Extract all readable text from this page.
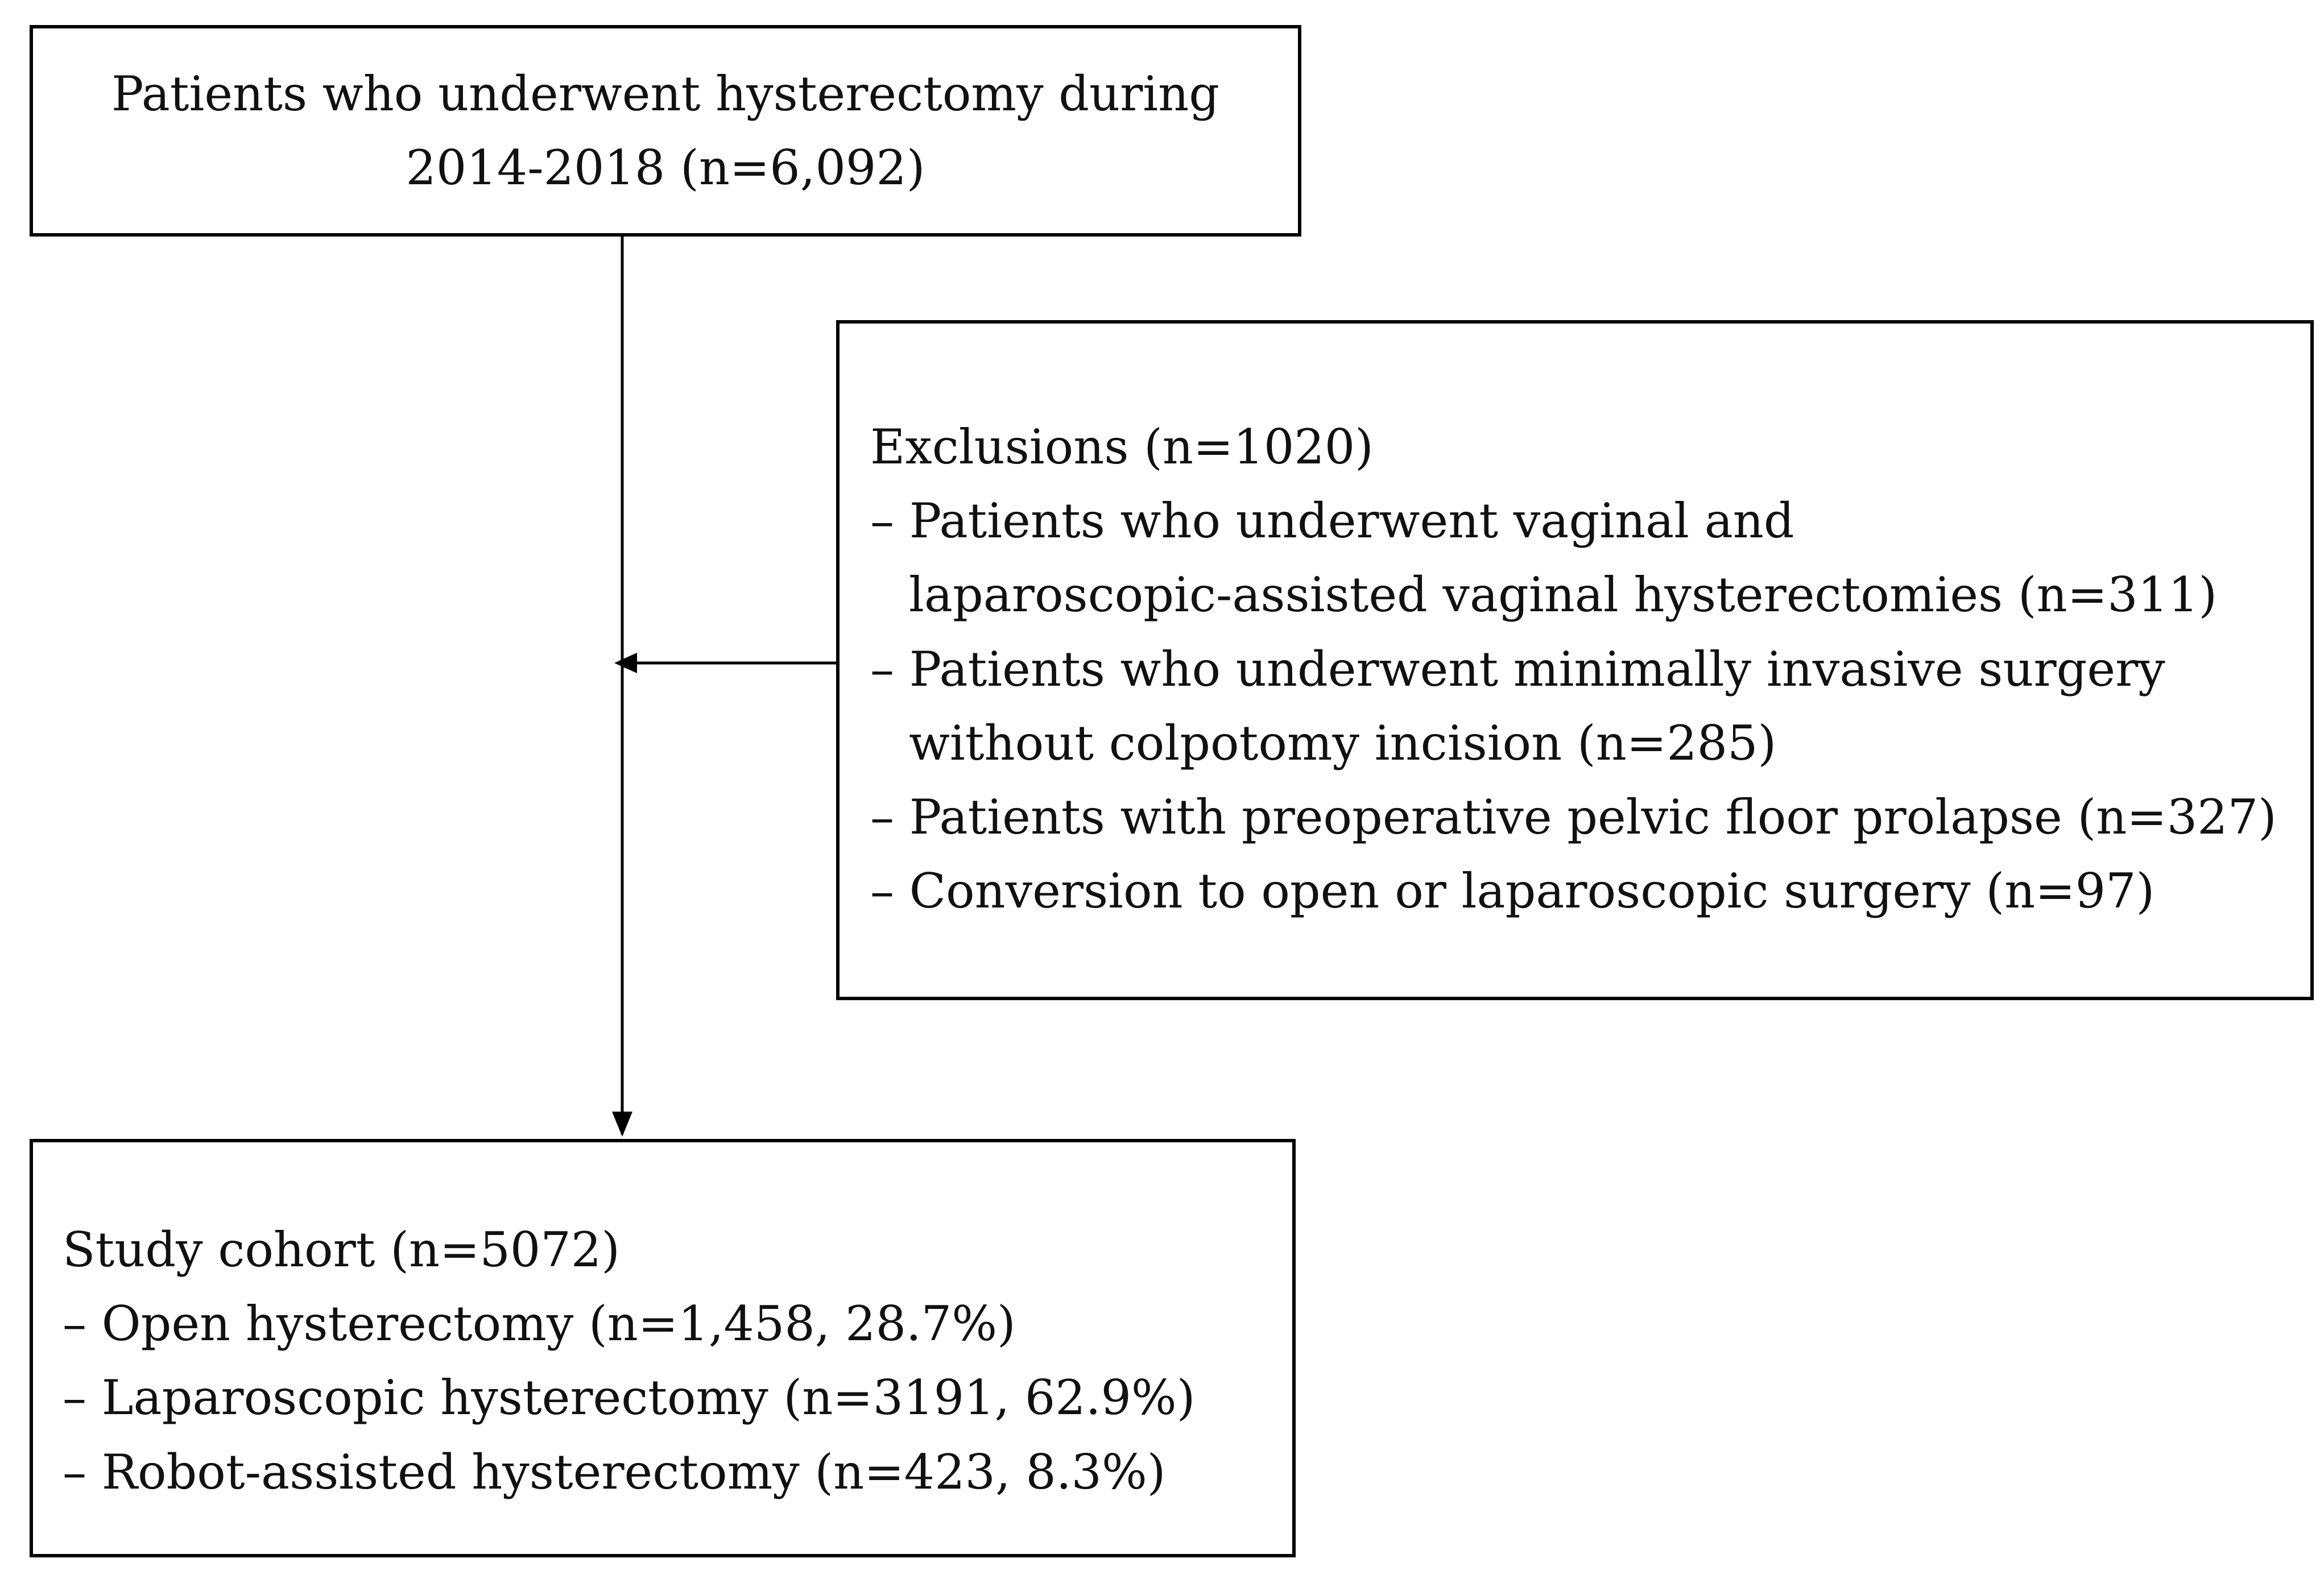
Patients who underwent hysterectomy during
2014-2018 (n=6,092)
Exclusions (n=1020)
– Patients who underwent vaginal and
laparoscopic-assisted vaginal hysterectomies (n=311)
– Patients who underwent minimally invasive surgery
without colpotomy incision (n=285)
– Patients with preoperative pelvic floor prolapse (n=327)
– Conversion to open or laparoscopic surgery (n=97)
Study cohort (n=5072)
– Open hysterectomy (n=1,458, 28.7%)
– Laparoscopic hysterectomy (n=3191, 62.9%)
– Robot-assisted hysterectomy (n=423, 8.3%)
